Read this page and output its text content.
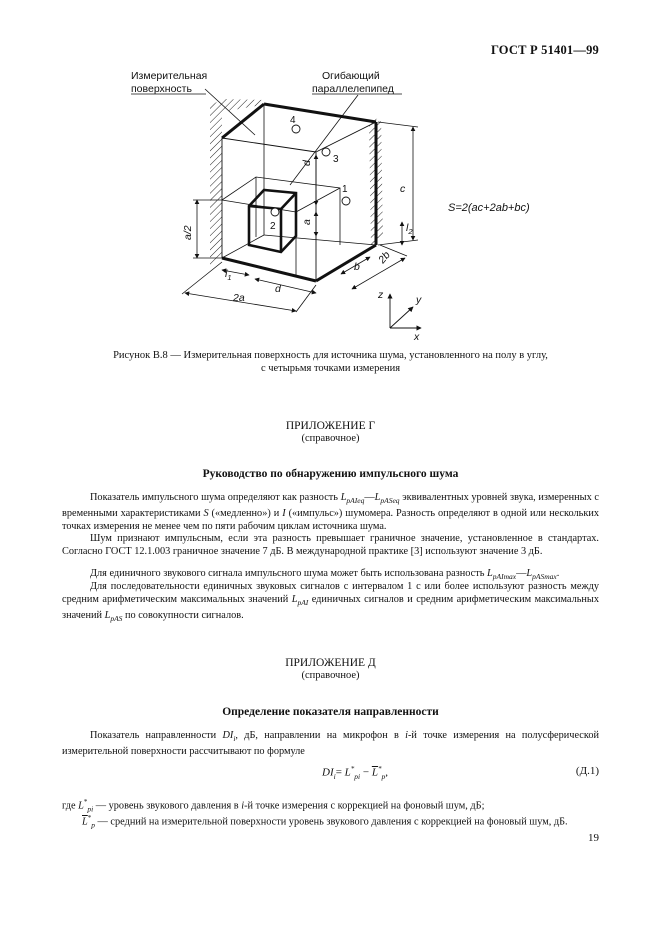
ГОСТ Р 51401—99
1
2
3
4
Измерительная
поверхность
Огибающий
параллелепипед
S=2(ac+2ab+bc)
a/2
d
a
c
$l_2$
$l_1$
d
2a
b
2b
z	y
x
Рисунок В.8 — Измерительная поверхность для источника шума, установленного на полу в углу,
с четырьмя точками измерения
ПРИЛОЖЕНИЕ Г
(справочное)
Руководство по обнаружению импульсного шума
Показатель импульсного шума определяют как разность $L_{pAIeq}—L_{pASeq}$ эквивалентных уровней звука, измеренных с временными характеристиками S («медленно») и I («импульс») шумомера. Разность определяют в одной или нескольких точках измерения не менее чем по пяти рабочим циклам источника шума.
Шум признают импульсным, если эта разность превышает граничное значение, установленное в стандартах. Согласно ГОСТ 12.1.003 граничное значение 7 дБ. В международной практике [3] используют значение 3 дБ.
Для единичного звукового сигнала импульсного шума может быть использована разность $L_{pAImax}—L_{pASmax}$.
Для последовательности единичных звуковых сигналов с интервалом 1 с или более используют разность между средним арифметическим максимальных значений $L_{pAI}$ единичных сигналов и средним арифметическим максимальных значений $L_{pAS}$ по совокупности сигналов.
ПРИЛОЖЕНИЕ Д
(справочное)
Определение показателя направленности
Показатель направленности $DI_i$, дБ, направлении на микрофон в i-й точке измерения на полусферической измерительной поверхности рассчитывают по формуле
$DI_i= L^*_{pi} - \overline{L}^*_p$,	(Д.1)
где $L^*_{pi}$ — уровень звукового давления в i-й точке измерения с коррекцией на фоновый шум, дБ;
$\overline{L}^*_p$ — средний на измерительной поверхности уровень звукового давления с коррекцией на фоновый шум, дБ.
19
